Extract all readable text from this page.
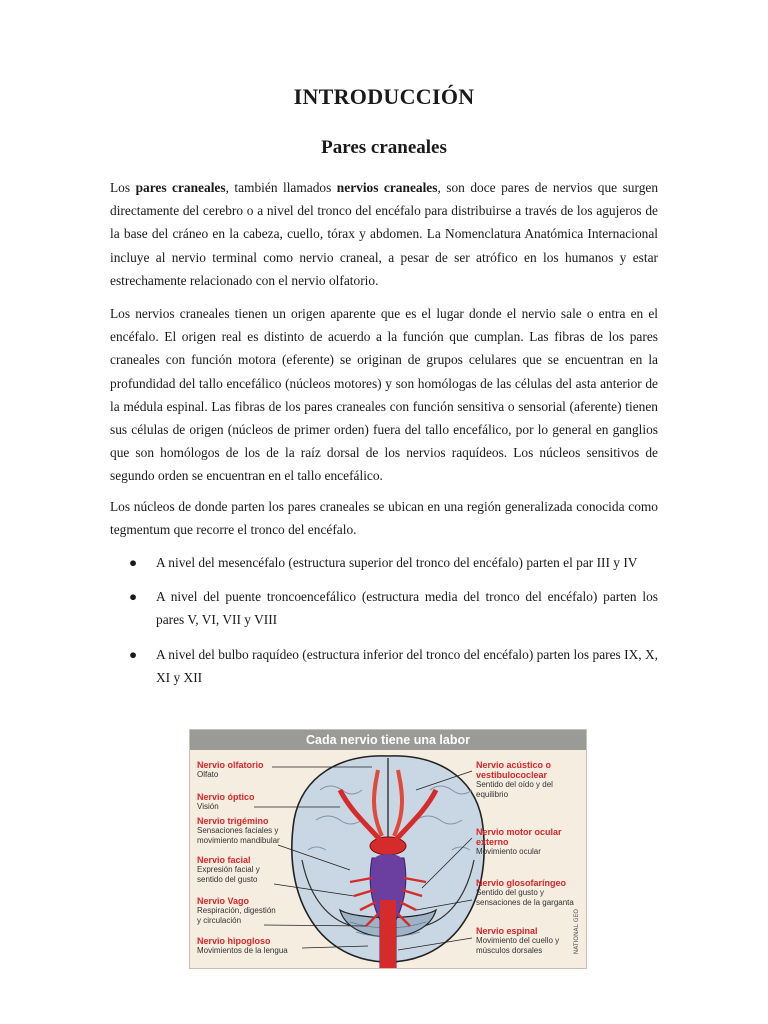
INTRODUCCIÓN
Pares craneales
Los pares craneales, también llamados nervios craneales, son doce pares de nervios que surgen directamente del cerebro o a nivel del tronco del encéfalo para distribuirse a través de los agujeros de la base del cráneo en la cabeza, cuello, tórax y abdomen. La Nomenclatura Anatómica Internacional incluye al nervio terminal como nervio craneal, a pesar de ser atrófico en los humanos y estar estrechamente relacionado con el nervio olfatorio.
Los nervios craneales tienen un origen aparente que es el lugar donde el nervio sale o entra en el encéfalo. El origen real es distinto de acuerdo a la función que cumplan. Las fibras de los pares craneales con función motora (eferente) se originan de grupos celulares que se encuentran en la profundidad del tallo encefálico (núcleos motores) y son homólogas de las células del asta anterior de la médula espinal. Las fibras de los pares craneales con función sensitiva o sensorial (aferente) tienen sus células de origen (núcleos de primer orden) fuera del tallo encefálico, por lo general en ganglios que son homólogos de los de la raíz dorsal de los nervios raquídeos. Los núcleos sensitivos de segundo orden se encuentran en el tallo encefálico.
Los núcleos de donde parten los pares craneales se ubican en una región generalizada conocida como tegmentum que recorre el tronco del encéfalo.
● A nivel del mesencéfalo (estructura superior del tronco del encéfalo) parten el par III y IV
● A nivel del puente troncoencefálico (estructura media del tronco del encéfalo) parten los pares V, VI, VII y VIII
● A nivel del bulbo raquídeo (estructura inferior del tronco del encéfalo) parten los pares IX, X, XI y XII
Cada nervio tiene una labor
Nervio olfatorio
Olfato
Nervio óptico
Visión
Nervio trigémino
Sensaciones faciales y movimiento mandibular
Nervio facial
Expresión facial y sentido del gusto
Nervio Vago
Respiración, digestión y circulación
Nervio hipogloso
Movimientos de la lengua
Nervio acústico o vestibulococlear
Sentido del oído y del equilibrio
Nervio motor ocular externo
Movimiento ocular
Nervio glosofaríngeo
Sentido del gusto y sensaciones de la garganta
Nervio espinal
Movimiento del cuello y músculos dorsales	NATIONAL GEO
